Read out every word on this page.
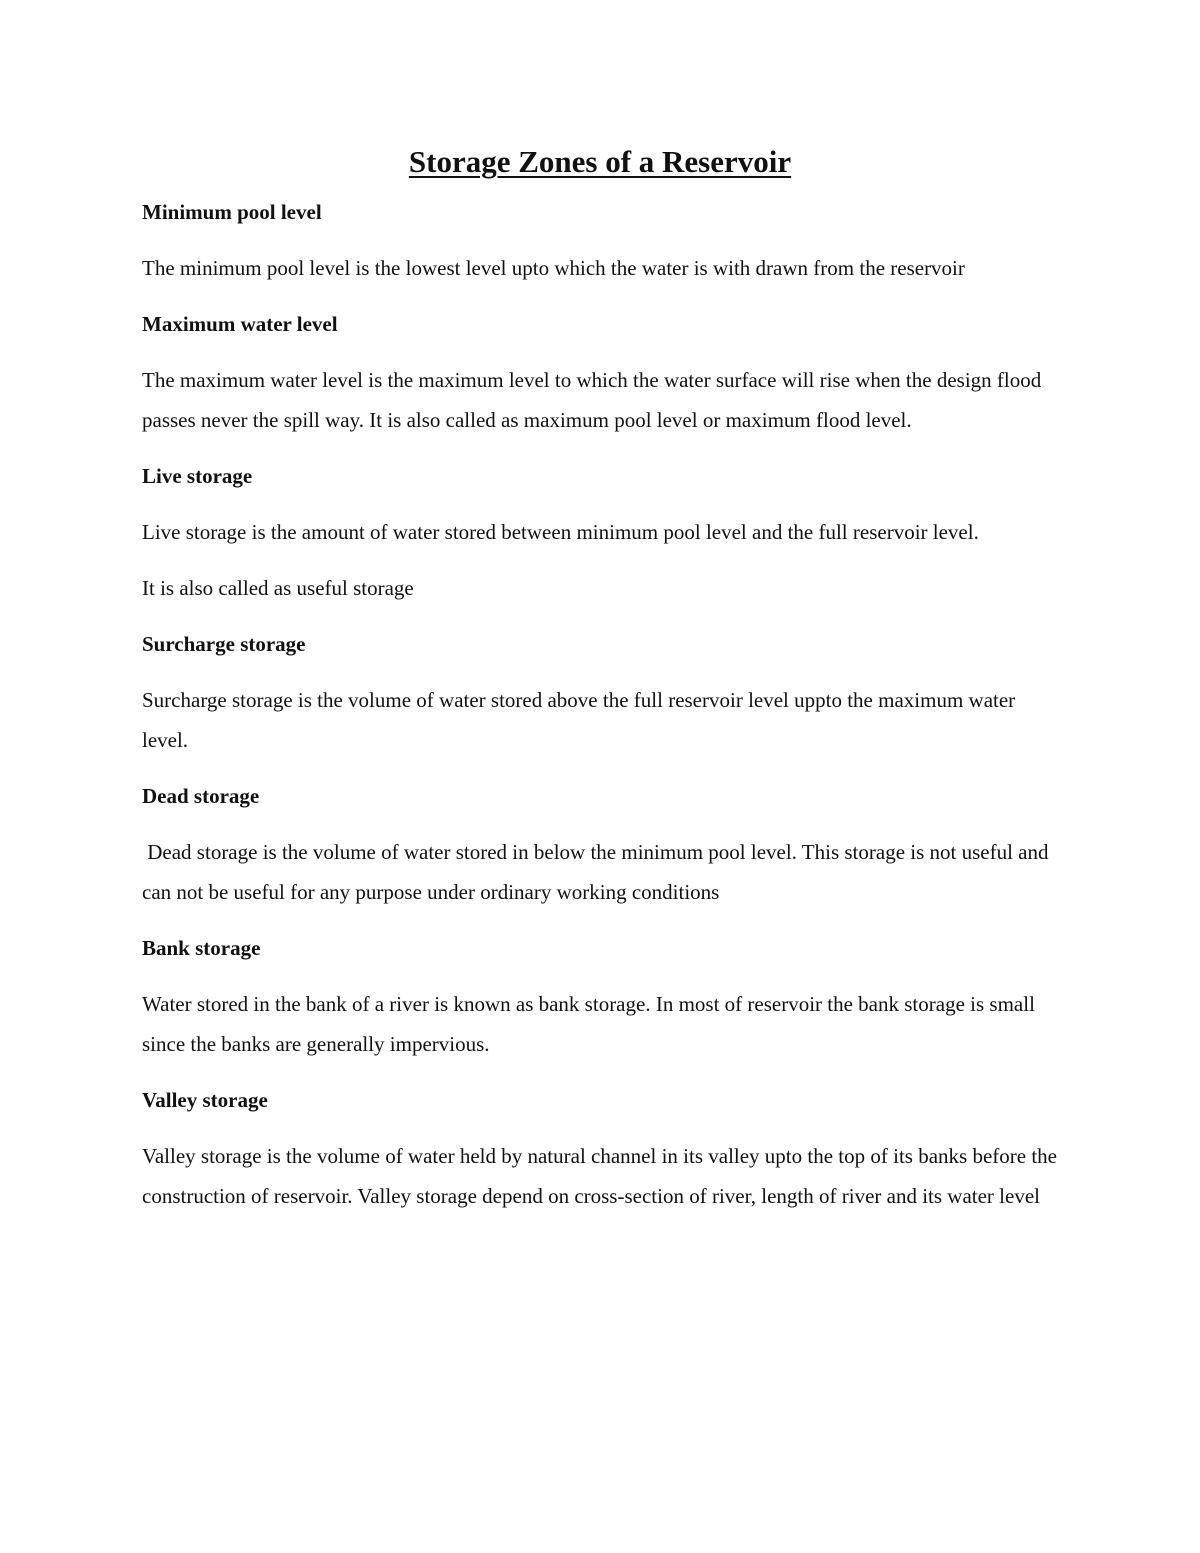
Storage Zones of a Reservoir
Minimum pool level
The minimum pool level is the lowest level upto which the water is with drawn from the reservoir
Maximum water level
The maximum water level is the maximum level to which the water surface will rise when the design flood passes never the spill way. It is also called as maximum pool level or maximum flood level.
Live storage
Live storage is the amount of water stored between minimum pool level and the full reservoir level.
It is also called as useful storage
Surcharge storage
Surcharge storage is the volume of water stored above the full reservoir level uppto the maximum water level.
Dead storage
Dead storage is the volume of water stored in below the minimum pool level. This storage is not useful and can not be useful for any purpose under ordinary working conditions
Bank storage
Water stored in the bank of a river is known as bank storage. In most of reservoir the bank storage is small since the banks are generally impervious.
Valley storage
Valley storage is the volume of water held by natural channel in its valley upto the top of its banks before the construction of reservoir. Valley storage depend on cross-section of river, length of river and its water level
